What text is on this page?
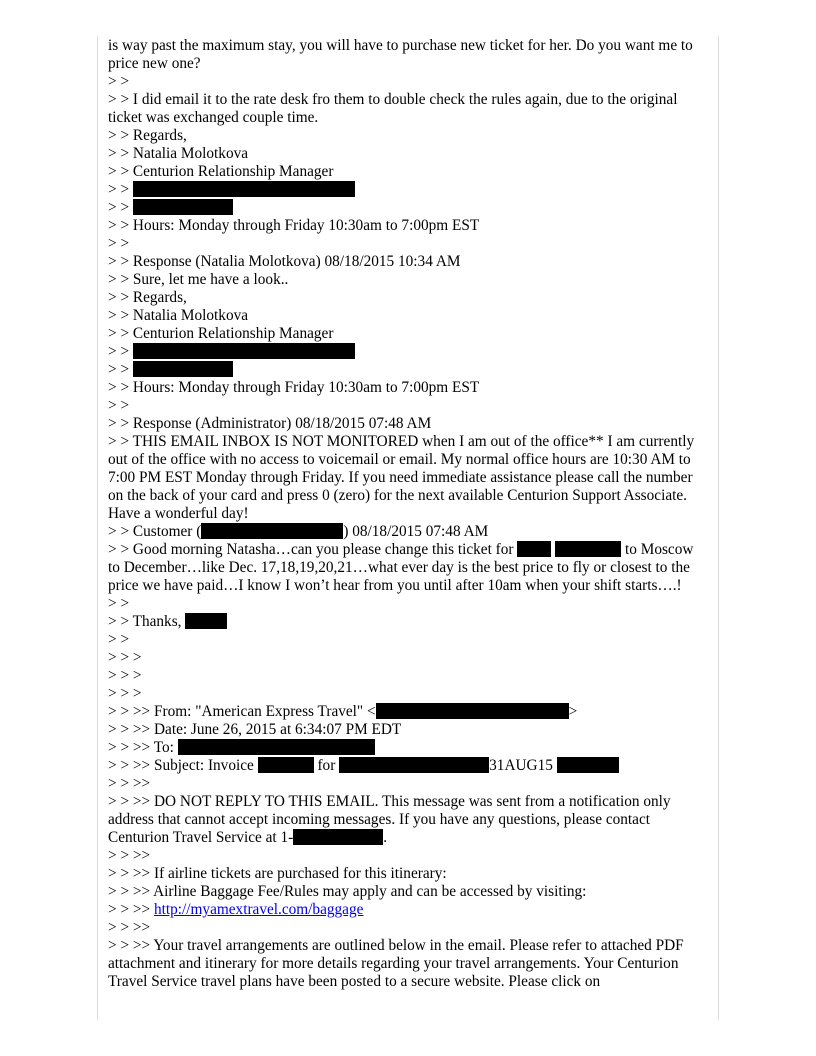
is way past the maximum stay, you will have to purchase new ticket for her. Do you want me to price new one?
> >
> > I did email it to the rate desk fro them to double check the rules again, due to the original ticket was exchanged couple time.
> > Regards,
> > Natalia Molotkova
> > Centurion Relationship Manager
> >
> >
> > Hours: Monday through Friday 10:30am to 7:00pm EST
> >
> > Response (Natalia Molotkova) 08/18/2015 10:34 AM
> > Sure, let me have a look..
> > Regards,
> > Natalia Molotkova
> > Centurion Relationship Manager
> >
> >
> > Hours: Monday through Friday 10:30am to 7:00pm EST
> >
> > Response (Administrator) 08/18/2015 07:48 AM
> > THIS EMAIL INBOX IS NOT MONITORED when I am out of the office** I am currently out of the office with no access to voicemail or email. My normal office hours are 10:30 AM to 7:00 PM EST Monday through Friday. If you need immediate assistance please call the number on the back of your card and press 0 (zero) for the next available Centurion Support Associate. Have a wonderful day!
> > Customer (	) 08/18/2015 07:48 AM
> > Good morning Natasha…can you please change this ticket for	to Moscow to December…like Dec. 17,18,19,20,21…what ever day is the best price to fly or closest to the price we have paid…I know I won’t hear from you until after 10am when your shift starts….!
> >
> > Thanks,
> >
> > >
> > >
> > >
> > >> From: "American Express Travel" <	>
> > >> Date: June 26, 2015 at 6:34:07 PM EDT
> > >> To:
> > >> Subject: Invoice	for	31AUG15
> > >>
> > >> DO NOT REPLY TO THIS EMAIL. This message was sent from a notification only address that cannot accept incoming messages. If you have any questions, please contact Centurion Travel Service at 1-	.
> > >>
> > >> If airline tickets are purchased for this itinerary:
> > >> Airline Baggage Fee/Rules may apply and can be accessed by visiting:
> > >> http://myamextravel.com/baggage
> > >>
> > >> Your travel arrangements are outlined below in the email. Please refer to attached PDF attachment and itinerary for more details regarding your travel arrangements. Your Centurion Travel Service travel plans have been posted to a secure website. Please click on
